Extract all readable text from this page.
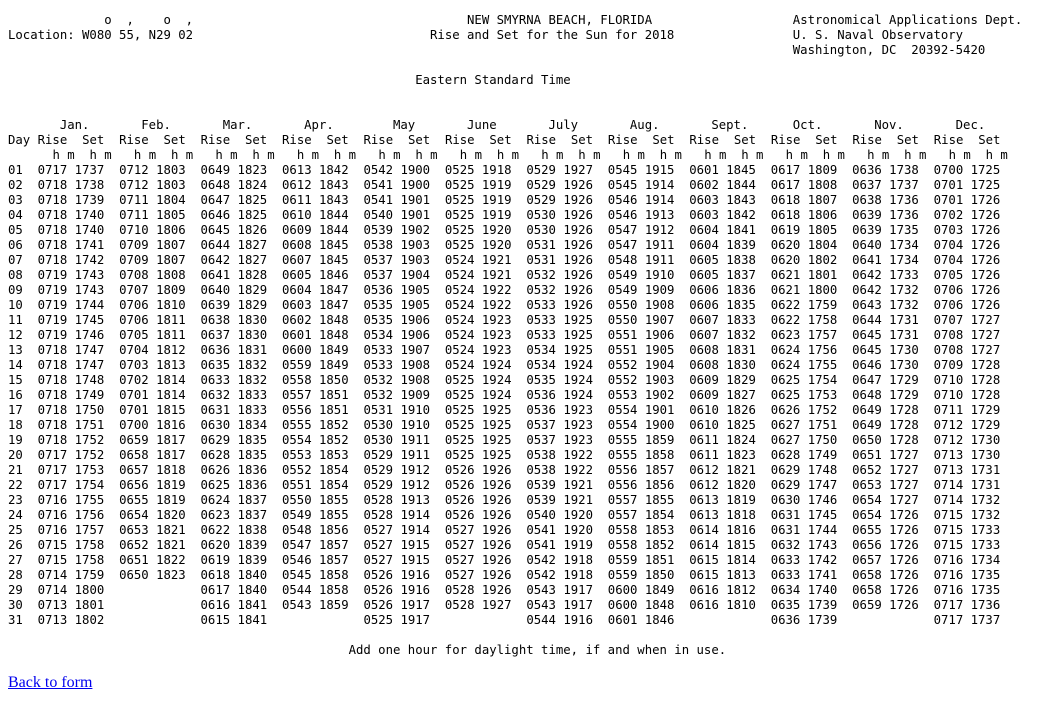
o  ,    o  ,	NEW SMYRNA BEACH, FLORIDA	Astronomical Applications Dept.
Location: W080 55, N29 02	Rise and Set for the Sun for 2018	U. S. Naval Observatory
Washington, DC  20392-5420

Eastern Standard Time

Jan.       Feb.       Mar.       Apr.        May       June       July       Aug.       Sept.      Oct.       Nov.       Dec.
Day Rise Set Rise Set Rise Set Rise Set Rise Set Rise Set Rise Set Rise Set Rise Set Rise Set Rise Set Rise Set
h m h m h m h m h m h m h m h m h m h m h m h m h m h m h m h m h m h m h m h m h m h m h m h m
01 0717 1737 0712 1803 0649 1823 0613 1842 0542 1900 0525 1918 0529 1927 0545 1915 0601 1845 0617 1809 0636 1738 0700 1725
02 0718 1738 0712 1803 0648 1824 0612 1843 0541 1900 0525 1919 0529 1926 0545 1914 0602 1844 0617 1808 0637 1737 0701 1725
03 0718 1739 0711 1804 0647 1825 0611 1843 0541 1901 0525 1919 0529 1926 0546 1914 0603 1843 0618 1807 0638 1736 0701 1726
04 0718 1740 0711 1805 0646 1825 0610 1844 0540 1901 0525 1919 0530 1926 0546 1913 0603 1842 0618 1806 0639 1736 0702 1726
05 0718 1740 0710 1806 0645 1826 0609 1844 0539 1902 0525 1920 0530 1926 0547 1912 0604 1841 0619 1805 0639 1735 0703 1726
06 0718 1741 0709 1807 0644 1827 0608 1845 0538 1903 0525 1920 0531 1926 0547 1911 0604 1839 0620 1804 0640 1734 0704 1726
07 0718 1742 0709 1807 0642 1827 0607 1845 0537 1903 0524 1921 0531 1926 0548 1911 0605 1838 0620 1802 0641 1734 0704 1726
08 0719 1743 0708 1808 0641 1828 0605 1846 0537 1904 0524 1921 0532 1926 0549 1910 0605 1837 0621 1801 0642 1733 0705 1726
09 0719 1743 0707 1809 0640 1829 0604 1847 0536 1905 0524 1922 0532 1926 0549 1909 0606 1836 0621 1800 0642 1732 0706 1726
10 0719 1744 0706 1810 0639 1829 0603 1847 0535 1905 0524 1922 0533 1926 0550 1908 0606 1835 0622 1759 0643 1732 0706 1726
11 0719 1745 0706 1811 0638 1830 0602 1848 0535 1906 0524 1923 0533 1925 0550 1907 0607 1833 0622 1758 0644 1731 0707 1727
12 0719 1746 0705 1811 0637 1830 0601 1848 0534 1906 0524 1923 0533 1925 0551 1906 0607 1832 0623 1757 0645 1731 0708 1727
13 0718 1747 0704 1812 0636 1831 0600 1849 0533 1907 0524 1923 0534 1925 0551 1905 0608 1831 0624 1756 0645 1730 0708 1727
14 0718 1747 0703 1813 0635 1832 0559 1849 0533 1908 0524 1924 0534 1924 0552 1904 0608 1830 0624 1755 0646 1730 0709 1728
15 0718 1748 0702 1814 0633 1832 0558 1850 0532 1908 0525 1924 0535 1924 0552 1903 0609 1829 0625 1754 0647 1729 0710 1728
16 0718 1749 0701 1814 0632 1833 0557 1851 0532 1909 0525 1924 0536 1924 0553 1902 0609 1827 0625 1753 0648 1729 0710 1728
17 0718 1750 0701 1815 0631 1833 0556 1851 0531 1910 0525 1925 0536 1923 0554 1901 0610 1826 0626 1752 0649 1728 0711 1729
18 0718 1751 0700 1816 0630 1834 0555 1852 0530 1910 0525 1925 0537 1923 0554 1900 0610 1825 0627 1751 0649 1728 0712 1729
19 0718 1752 0659 1817 0629 1835 0554 1852 0530 1911 0525 1925 0537 1923 0555 1859 0611 1824 0627 1750 0650 1728 0712 1730
20 0717 1752 0658 1817 0628 1835 0553 1853 0529 1911 0525 1925 0538 1922 0555 1858 0611 1823 0628 1749 0651 1727 0713 1730
21 0717 1753 0657 1818 0626 1836 0552 1854 0529 1912 0526 1926 0538 1922 0556 1857 0612 1821 0629 1748 0652 1727 0713 1731
22 0717 1754 0656 1819 0625 1836 0551 1854 0529 1912 0526 1926 0539 1921 0556 1856 0612 1820 0629 1747 0653 1727 0714 1731
23 0716 1755 0655 1819 0624 1837 0550 1855 0528 1913 0526 1926 0539 1921 0557 1855 0613 1819 0630 1746 0654 1727 0714 1732
24 0716 1756 0654 1820 0623 1837 0549 1855 0528 1914 0526 1926 0540 1920 0557 1854 0613 1818 0631 1745 0654 1726 0715 1732
25 0716 1757 0653 1821 0622 1838 0548 1856 0527 1914 0527 1926 0541 1920 0558 1853 0614 1816 0631 1744 0655 1726 0715 1733
26 0715 1758 0652 1821 0620 1839 0547 1857 0527 1915 0527 1926 0541 1919 0558 1852 0614 1815 0632 1743 0656 1726 0715 1733
27 0715 1758 0651 1822 0619 1839 0546 1857 0527 1915 0527 1926 0542 1918 0559 1851 0615 1814 0633 1742 0657 1726 0716 1734
28 0714 1759 0650 1823 0618 1840 0545 1858 0526 1916 0527 1926 0542 1918 0559 1850 0615 1813 0633 1741 0658 1726 0716 1735
29 0714 1800	0617 1840 0544 1858 0526 1916 0528 1926 0543 1917 0600 1849 0616 1812 0634 1740 0658 1726 0716 1735
30 0713 1801	0616 1841 0543 1859 0526 1917 0528 1927 0543 1917 0600 1848 0616 1810 0635 1739 0659 1726 0717 1736
31 0713 1802	0615 1841	0525 1917	0544 1916 0601 1846	0636 1739	0717 1737

Add one hour for daylight time, if and when in use.
Back to form
